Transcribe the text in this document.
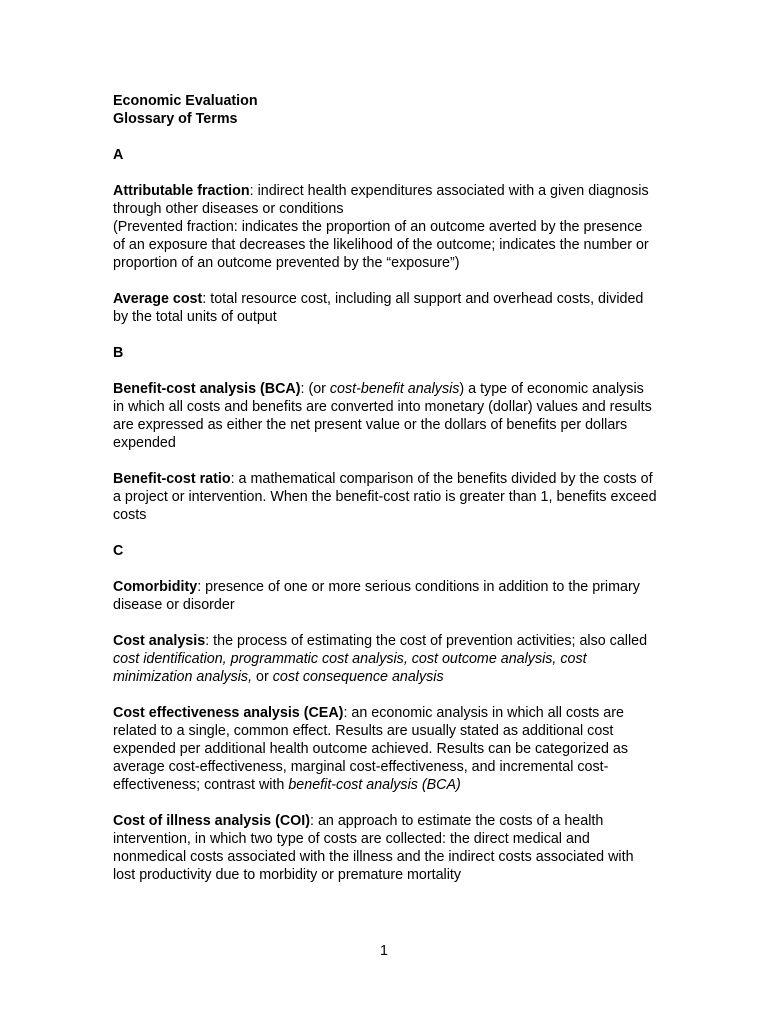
Economic Evaluation
Glossary of Terms
A

Attributable fraction: indirect health expenditures associated with a given diagnosis through other diseases or conditions

(Prevented fraction: indicates the proportion of an outcome averted by the presence of an exposure that decreases the likelihood of the outcome; indicates the number or proportion of an outcome prevented by the “exposure”)

Average cost: total resource cost, including all support and overhead costs, divided by the total units of output

B

Benefit-cost analysis (BCA): (or cost-benefit analysis) a type of economic analysis in which all costs and benefits are converted into monetary (dollar) values and results are expressed as either the net present value or the dollars of benefits per dollars expended

Benefit-cost ratio: a mathematical comparison of the benefits divided by the costs of a project or intervention. When the benefit-cost ratio is greater than 1, benefits exceed costs

C

Comorbidity: presence of one or more serious conditions in addition to the primary disease or disorder

Cost analysis: the process of estimating the cost of prevention activities; also called cost identification, programmatic cost analysis, cost outcome analysis, cost minimization analysis, or cost consequence analysis

Cost effectiveness analysis (CEA): an economic analysis in which all costs are related to a single, common effect. Results are usually stated as additional cost expended per additional health outcome achieved. Results can be categorized as average cost-effectiveness, marginal cost-effectiveness, and incremental cost-effectiveness; contrast with benefit-cost analysis (BCA)

Cost of illness analysis (COI): an approach to estimate the costs of a health intervention, in which two type of costs are collected: the direct medical and nonmedical costs associated with the illness and the indirect costs associated with lost productivity due to morbidity or premature mortality

1
